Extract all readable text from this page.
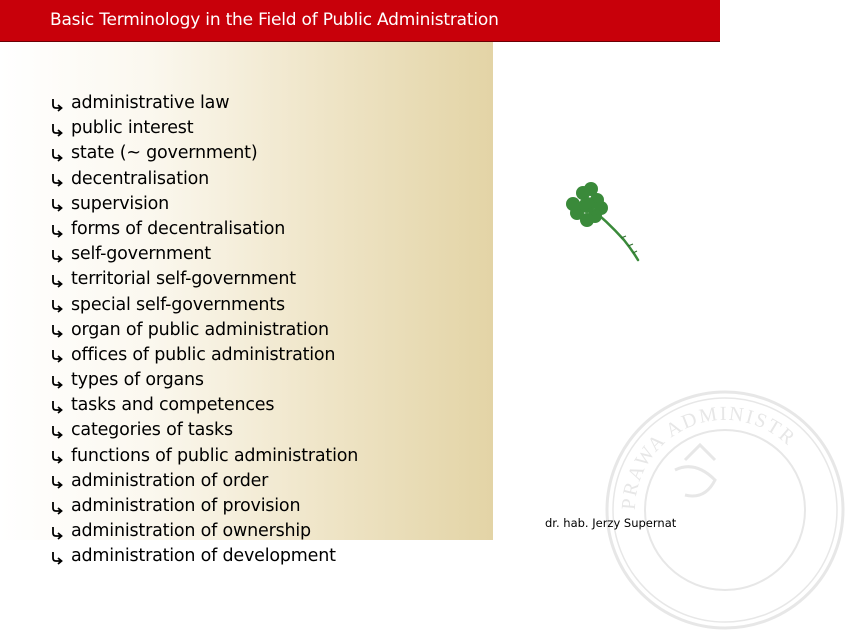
Basic Terminology in the Field of Public Administration
administrative law
public interest
state (~ government)
decentralisation
supervision
forms of decentralisation
self-government
territorial self-government
special self-governments
organ of public administration
offices of public administration
types of organs
tasks and competences
categories of tasks
functions of public administration
administration of order
administration of provision
administration of ownership
administration of development
PRAWA ADMINISTR
dr. hab. Jerzy Supernat
